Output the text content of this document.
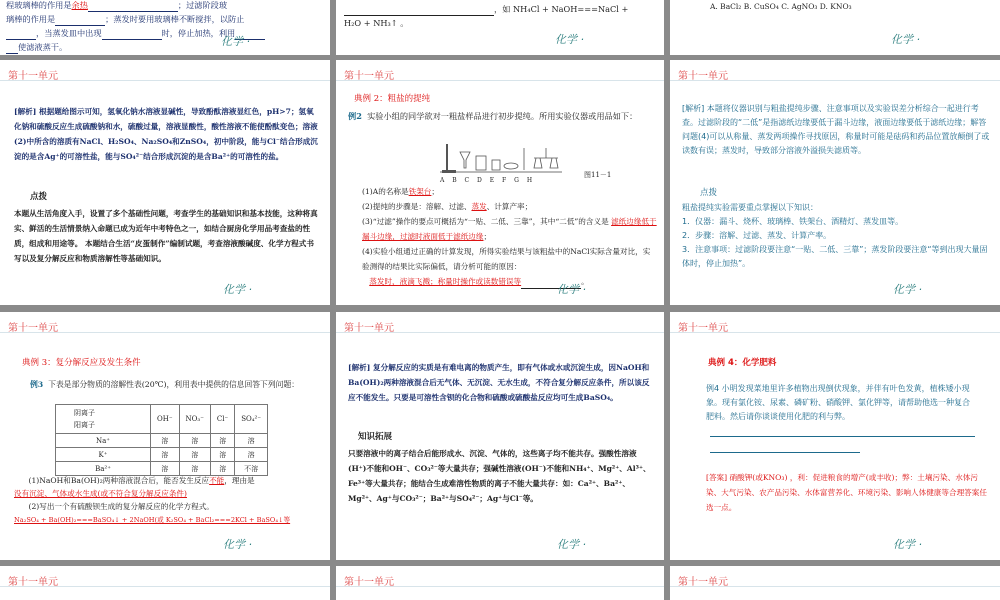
程玻璃棒的作用是余热	；过滤阶段玻
璃棒的作用是	；蒸发时要用玻璃棒不断搅拌，以防止
，当蒸发皿中出现	时，停止加热，利用
使滤液蒸干。	化学 ·
，如 NH₄Cl + NaOH===NaCl +
H₂O + NH₃↑ 。
化学 ·
A. BaCl₂ B. CuSO₄ C. AgNO₃ D. KNO₃
化学 ·
第十一单元
[解析] 根据题给图示可知，氢氧化钠水溶液显碱性，导致酚酞溶液显红色，pH>7；氢氧化钠和硫酸反应生成硫酸钠和水，硫酸过量，溶液显酸性，酸性溶液不能使酚酞变色；溶液(2)中所含的溶质有NaCl、H₂SO₄、Na₂SO₄和ZnSO₄，初中阶段，能与Cl⁻结合形成沉淀的是含Ag⁺的可溶性盐，能与SO₄²⁻结合形成沉淀的是含Ba²⁺的可溶性的盐。
点拨
本题从生活角度入手，设置了多个基础性问题，考查学生的基础知识和基本技能，这种将真实、鲜活的生活情景纳入命题已成为近年中考特色之一，如结合厨房化学用品考查盐的性质，组成和用途等。 本题结合生活“皮蛋制作”编制试题，考查溶液酸碱度、化学方程式书写以及复分解反应和物质溶解性等基础知识。
化学 ·
第十一单元
典例 2：粗盐的提纯
例2 实验小组的同学欲对一粗盐样品进行初步提纯。所用实验仪器或用品如下：
A B C D E F G H
图11－1
(1)A的名称是铁架台；
(2)提纯的步骤是：溶解、过滤、蒸发、计算产率；
(3)“过滤”操作的要点可概括为“一贴、二低、三靠”，其中“二低”的含义是 滤纸边缘低于漏斗边缘，过滤时液面低于滤纸边缘；
(4)实验小组通过正确的计算发现，所得实验结果与该粗盐中的NaCl实际含量对比，实验测得的结果比实际偏低，请分析可能的原因：
蒸发时，液滴飞溅；称量时操作或读数错误等	。
化学 ·
第十一单元
[解析] 本题将仪器识别与粗盐提纯步骤、注意事项以及实验误差分析综合一起进行考查。过滤阶段的“二低”是指滤纸边缘要低于漏斗边缘，液面边缘要低于滤纸边缘；解答问题(4)可以从称量、蒸发两项操作寻找原因，称量时可能是砝码和药品位置放颠倒了或读数有误；蒸发时，导致部分溶液外溢损失滤质等。
点拨
粗盐提纯实验需要重点掌握以下知识：
1．仪器：漏斗、烧杯、玻璃棒、铁架台、酒精灯、蒸发皿等。
2．步骤：溶解、过滤、蒸发、计算产率。
3．注意事项：过滤阶段要注意“一贴、二低、三靠”；蒸发阶段要注意“等到出现大量固体时，停止加热”。
化学 ·
第十一单元
典例 3：复分解反应及发生条件
例3 下表是部分物质的溶解性表(20℃)，利用表中提供的信息回答下列问题：
阴离子
阳离子	OH⁻	NO₃⁻	Cl⁻	SO₄²⁻
Na⁺	溶	溶	溶	溶
K⁺	溶	溶	溶	溶
Ba²⁺	溶	溶	溶	不溶
(1)NaOH和Ba(OH)₂两种溶液混合后，能否发生反应不能，理由是
没有沉淀、气体或水生成(或不符合复分解反应条件)
(2)写出一个有硫酸钡生成的复分解反应的化学方程式。
Na₂SO₄ + Ba(OH)₂===BaSO₄↓ + 2NaOH(或 K₂SO₄ + BaCl₂===2KCl + BaSO₄↓等
化学 ·
第十一单元
[解析] 复分解反应的实质是有难电离的物质产生，即有气体或水或沉淀生成，因NaOH和Ba(OH)₂两种溶液混合后无气体、无沉淀、无水生成，不符合复分解反应条件，所以该反应不能发生。只要是可溶性含钡的化合物和硫酸或硫酸盐反应均可生成BaSO₄。
知识拓展
只要溶液中的离子结合后能形成水、沉淀、气体的，这些离子均不能共存。强酸性溶液(H⁺)不能和OH⁻、CO₃²⁻等大量共存；强碱性溶液(OH⁻)不能和NH₄⁺、Mg²⁺、Al³⁺、Fe³⁺等大量共存；能结合生成难溶性物质的离子不能大量共存：如：Ca²⁺、Ba²⁺、Mg²⁺、Ag⁺与CO₃²⁻；Ba²⁺与SO₄²⁻；Ag⁺与Cl⁻等。
化学 ·
第十一单元
典例 4：化学肥料
例4 小明发现菜地里许多植物出现倒伏现象，并伴有叶色发黄，植株矮小现象。现有氯化铵、尿素、磷矿粉、硝酸钾、氯化钾等，请帮助他选一种复合肥料。然后请你谈谈使用化肥的利与弊。
[答案] 硝酸钾(或KNO₃) ，利：促进粮食的增产(或丰收)；弊：土壤污染、水体污染、大气污染、农产品污染、水体富营养化、环境污染、影响人体健康等合理答案任选一点。
化学 ·
第十一单元	第十一单元	第十一单元
